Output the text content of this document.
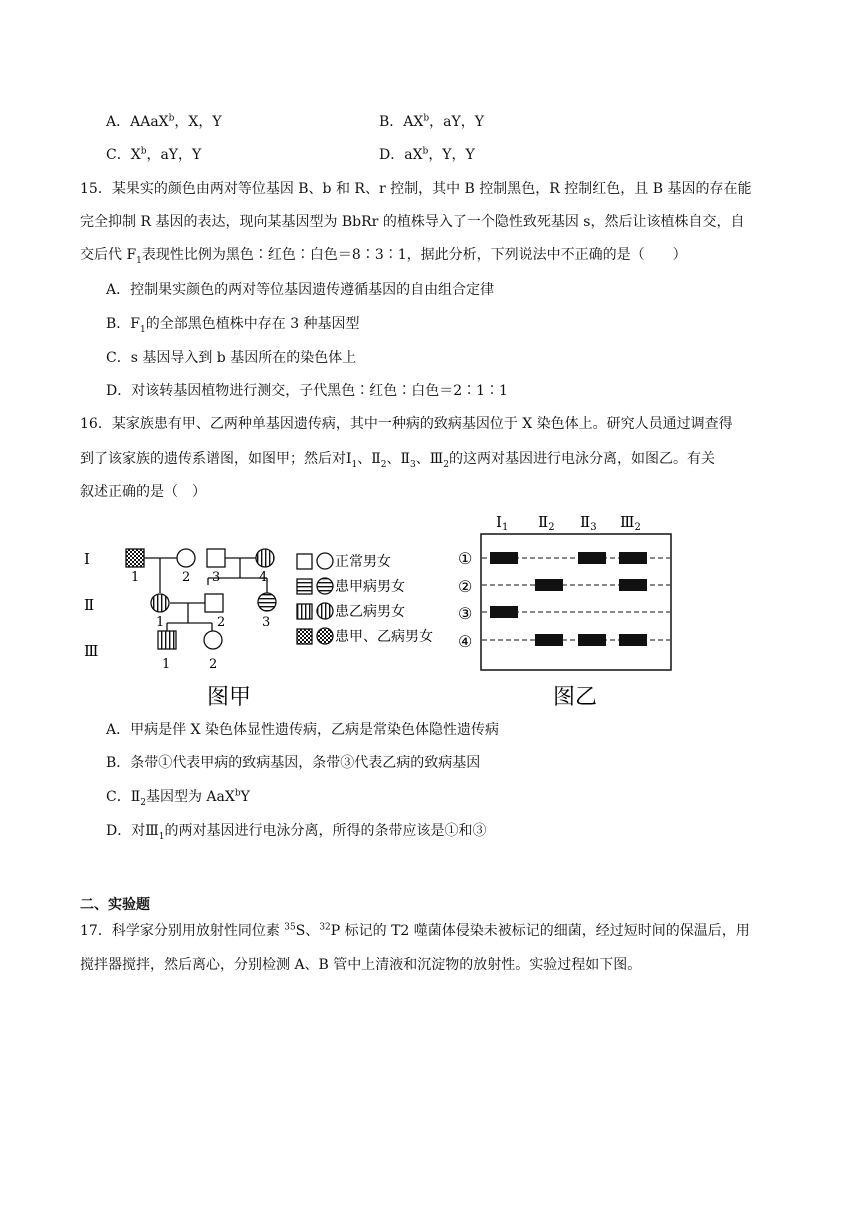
A．AAaX$^b$，X，Y	B．$AX^b$，aY，Y
C．$X^b$，aY，Y	D．$aX^b$，Y，Y
15．某果实的颜色由两对等位基因 B、b 和 R、r 控制，其中 B 控制黑色，R 控制红色，且 B 基因的存在能
完全抑制 R 基因的表达，现向某基因型为 BbRr 的植株导入了一个隐性致死基因 s，然后让该植株自交，自
交后代 $F_1$表现性比例为黑色∶红色∶白色＝8∶3∶1，据此分析，下列说法中不正确的是（　　）
A．控制果实颜色的两对等位基因遗传遵循基因的自由组合定律
B．$F_1$的全部黑色植株中存在 3 种基因型
C．s 基因导入到 b 基因所在的染色体上
D．对该转基因植物进行测交，子代黑色∶红色∶白色＝2∶1∶1
16．某家族患有甲、乙两种单基因遗传病，其中一种病的致病基因位于 X 染色体上。研究人员通过调查得
到了该家族的遗传系谱图，如图甲；然后对$Ⅰ_1$、$Ⅱ_2$、$Ⅱ_3$、$Ⅲ_2$的这两对基因进行电泳分离，如图乙。有关
叙述正确的是（　）
Ⅰ
Ⅱ
Ⅲ
1	2 3	4
1	2	3
1	2
图甲
正常男女
患甲病男女
患乙病男女
患甲、乙病男女
$Ⅰ_1$ $Ⅱ_2$ $Ⅱ_3$ $Ⅲ_2$
①
②
③
④
图乙
A．甲病是伴 X 染色体显性遗传病，乙病是常染色体隐性遗传病
B．条带①代表甲病的致病基因，条带③代表乙病的致病基因
C．$Ⅱ_2$基因型为 AaX$^b$Y
D．对$Ⅲ_1$的两对基因进行电泳分离，所得的条带应该是①和③
二、实验题
17．科学家分别用放射性同位素 $^{35}$S、$^{32}$P 标记的 T2 噬菌体侵染未被标记的细菌，经过短时间的保温后，用
搅拌器搅拌，然后离心，分别检测 A、B 管中上清液和沉淀物的放射性。实验过程如下图。
